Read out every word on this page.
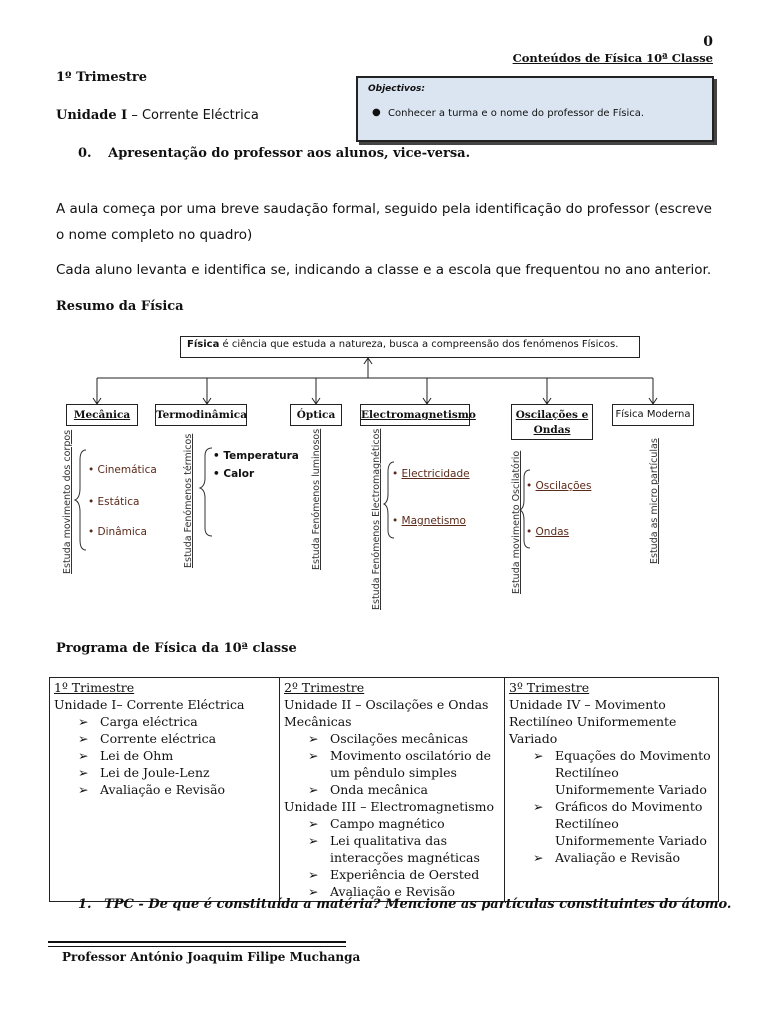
0
Conteúdos de Física 10ª Classe
1º Trimestre
Unidade I – Corrente Eléctrica
Objectivos:
● Conhecer a turma e o nome do professor de Física.
0. Apresentação do professor aos alunos, vice-versa.
A aula começa por uma breve saudação formal, seguido pela identificação do professor (escreve o nome completo no quadro)
Cada aluno levanta e identifica se, indicando a classe e a escola que frequentou no ano anterior.
Resumo da Física
Física é ciência que estuda a natureza, busca a compreensão dos fenómenos Físicos.
Mecânica	Termodinâmica	Óptica	Electromagnetismo	Oscilações e Ondas
Física Moderna
Estuda movimento dos corpos	Estuda Fenómenos térmicos	Estuda Fenómenos luminosos	Estuda Fenómenos Electromagnéticos	Estuda movimento Oscilatório	Estuda as micro partículas
• Cinemática
• Estática
• Dinâmica
• Temperatura
• Calor	• Electricidade
• Magnetismo
• Oscilações
• Ondas
Programa de Física da 10ª classe
1º Trimestre
Unidade I– Corrente Eléctrica
➢ Carga eléctrica
➢ Corrente eléctrica
➢ Lei de Ohm
➢ Lei de Joule-Lenz
➢ Avaliação e Revisão

2º Trimestre
Unidade II – Oscilações e Ondas Mecânicas
➢ Oscilações mecânicas
➢ Movimento oscilatório de um pêndulo simples
➢ Onda mecânica
Unidade III – Electromagnetismo
➢ Campo magnético
➢ Lei qualitativa das interacções magnéticas
➢ Experiência de Oersted
➢ Avaliação e Revisão

3º Trimestre
Unidade IV – Movimento Rectilíneo Uniformemente Variado
➢ Equações do Movimento Rectilíneo Uniformemente Variado
➢ Gráficos do Movimento Rectilíneo Uniformemente Variado
➢ Avaliação e Revisão
1. TPC - De que é constituída a matéria? Mencione as partículas constituintes do átomo.
Professor António Joaquim Filipe Muchanga
